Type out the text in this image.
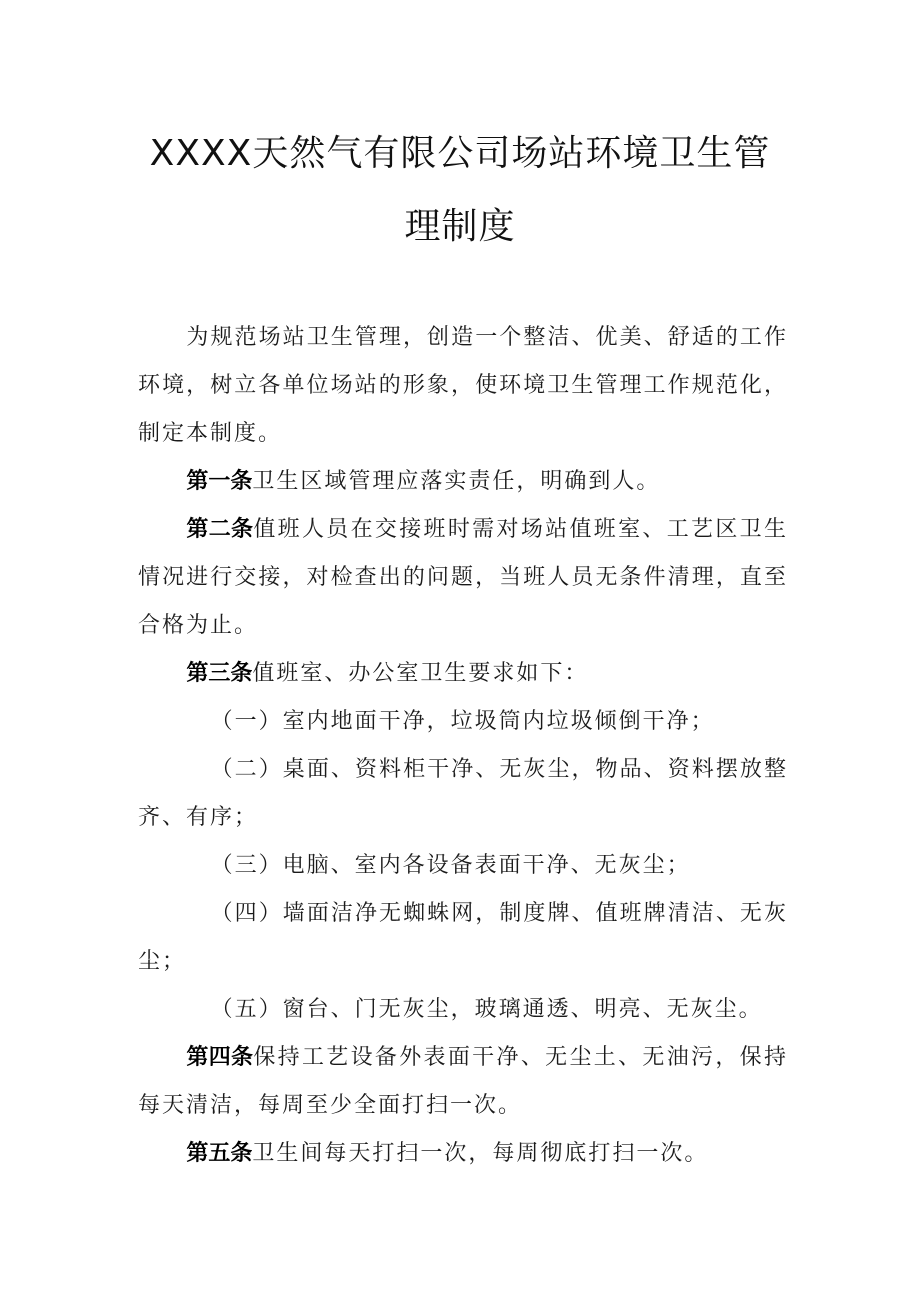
XXXX天然气有限公司场站环境卫生管
理制度

为规范场站卫生管理，创造一个整洁、优美、舒适的工作环境，树立各单位场站的形象，使环境卫生管理工作规范化，制定本制度。

第一条卫生区域管理应落实责任，明确到人。

第二条值班人员在交接班时需对场站值班室、工艺区卫生情况进行交接，对检查出的问题，当班人员无条件清理，直至合格为止。

第三条值班室、办公室卫生要求如下：

（一）室内地面干净，垃圾筒内垃圾倾倒干净；

（二）桌面、资料柜干净、无灰尘，物品、资料摆放整齐、有序；

（三）电脑、室内各设备表面干净、无灰尘；

（四）墙面洁净无蜘蛛网，制度牌、值班牌清洁、无灰尘；

（五）窗台、门无灰尘，玻璃通透、明亮、无灰尘。

第四条保持工艺设备外表面干净、无尘土、无油污，保持每天清洁，每周至少全面打扫一次。

第五条卫生间每天打扫一次，每周彻底打扫一次。
